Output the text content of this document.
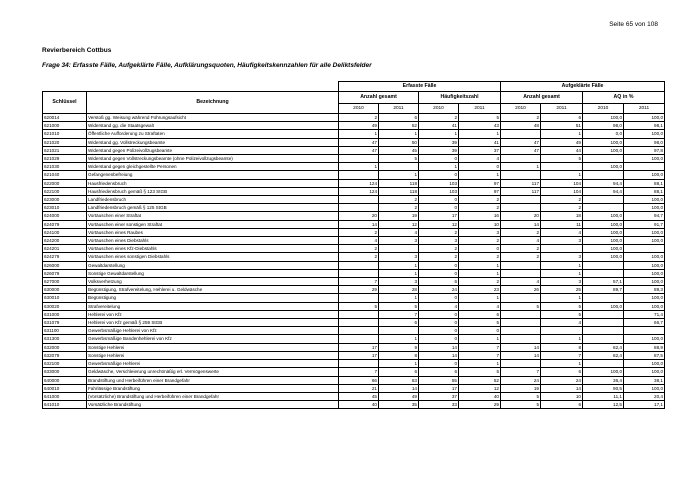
Seite 65 von 108
Revierbereich Cottbus
Frage 34: Erfasste Fälle, Aufgeklärte Fälle, Aufklärungsquoten, Häufigkeitskennzahlen für alle Deliktsfelder
		Erfasste Fälle				Aufgeklärte Fälle			
Schlüssel	Bezeichnung	Anzahl gesamt		Häufigkeitszahl		Anzahl gesamt		AQ in %	
		2010	2011	2010	2011	2010	2011	2010	2011
620014	Verstoß gg. Weisung während Führungsaufsicht	2	6	2	5	2	6	100,0	100,0
621000	Widerstand gg. die Staatsgewalt	49	52	41	43	48	51	98,0	98,1
621010	Öffentliche Aufforderung zu Straftaten	1	1	1	1		1	0,0	100,0
621020	Widerstand gg. Vollstreckungsbeamte	47	50	39	41	47	49	100,0	98,0
621021	Widerstand gegen Polizeivollzugsbeamte	47	45	39	37	47	44	100,0	97,8
621029	Widerstand gegen Vollstreckungsbeamte (ohne Polizeivollzugsbeamte)		5	0	4		5		100,0
621030	Widerstand gegen gleichgestellte Personen	1		1	0	1		100,0	
621040	Gefangenenbefreiung		1	0	1		1		100,0
622000	Hausfriedensbruch	124	118	103	97	117	104	94,4	88,1
622100	Hausfriedensbruch gemäß § 123 StGB	124	118	103	97	117	104	94,4	88,1
623000	Landfriedensbruch		2	0	2		2		100,0
623010	Landfriedensbruch gemäß § 125 StGB		2	0	2		2		100,0
624000	Vortäuschen einer Straftat	20	19	17	16	20	18	100,0	94,7
624079	Vortäuschen einer sonstigen Straftat	14	12	12	10	14	11	100,0	91,7
624100	Vortäuschen eines Raubes	2	4	2	3	2	4	100,0	100,0
624200	Vortäuschen eines Diebstahls	4	3	3	2	4	3	100,0	100,0
624201	Vortäuschen eines Kfz-Diebstahls	2		2	0	2		100,0	
624279	Vortäuschen eines sonstigen Diebstahls	2	3	2	2	2	3	100,0	100,0
626000	Gewaltdarstellung		1	0	1		1		100,0
626079	Sonstige Gewaltdarstellung		1	0	1		1		100,0
627000	Volksverhetzung	7	3	6	2	4	3	57,1	100,0
630000	Begünstigung, Strafvereitelung, Hehlerei u. Geldwäsche	29	28	24	23	26	25	89,7	89,3
630010	Begünstigung		1	0	1		1		100,0
630020	Strafvereitelung	5	5	4	4	5	5	100,0	100,0
631000	Hehlerei von Kfz		7	0	6		5		71,4
631079	Hehlerei von Kfz gemäß § 259 StGB		6	0	5		4		66,7
631100	Gewerbsmäßige Hehlerei von Kfz			0	0				
631300	Gewerbsmäßige Bandenhehlerei von Kfz		1	0	1		1		100,0
632000	Sonstige Hehlerei	17	9	14	7	14	8	82,4	88,9
632079	Sonstige Hehlerei	17	8	14	7	14	7	82,4	87,5
632100	Gewerbsmäßige Hehlerei		1	0	1		1		100,0
633000	Geldwäsche, Verschleierung unrechtmäßig erl. Vermögenswerte	7	6	6	5	7	6	100,0	100,0
640000	Brandstiftung und Herbeiführen einer Brandgefahr	66	63	55	52	24	24	36,4	38,1
640010	Fahrlässige Brandstiftung	21	14	17	12	19	14	90,5	100,0
641000	(Vorsätzliche) Brandstiftung und Herbeiführen einer Brandgefahr	45	49	37	40	5	10	11,1	20,4
641010	Vorsätzliche Brandstiftung	40	35	33	29	5	6	12,5	17,1
